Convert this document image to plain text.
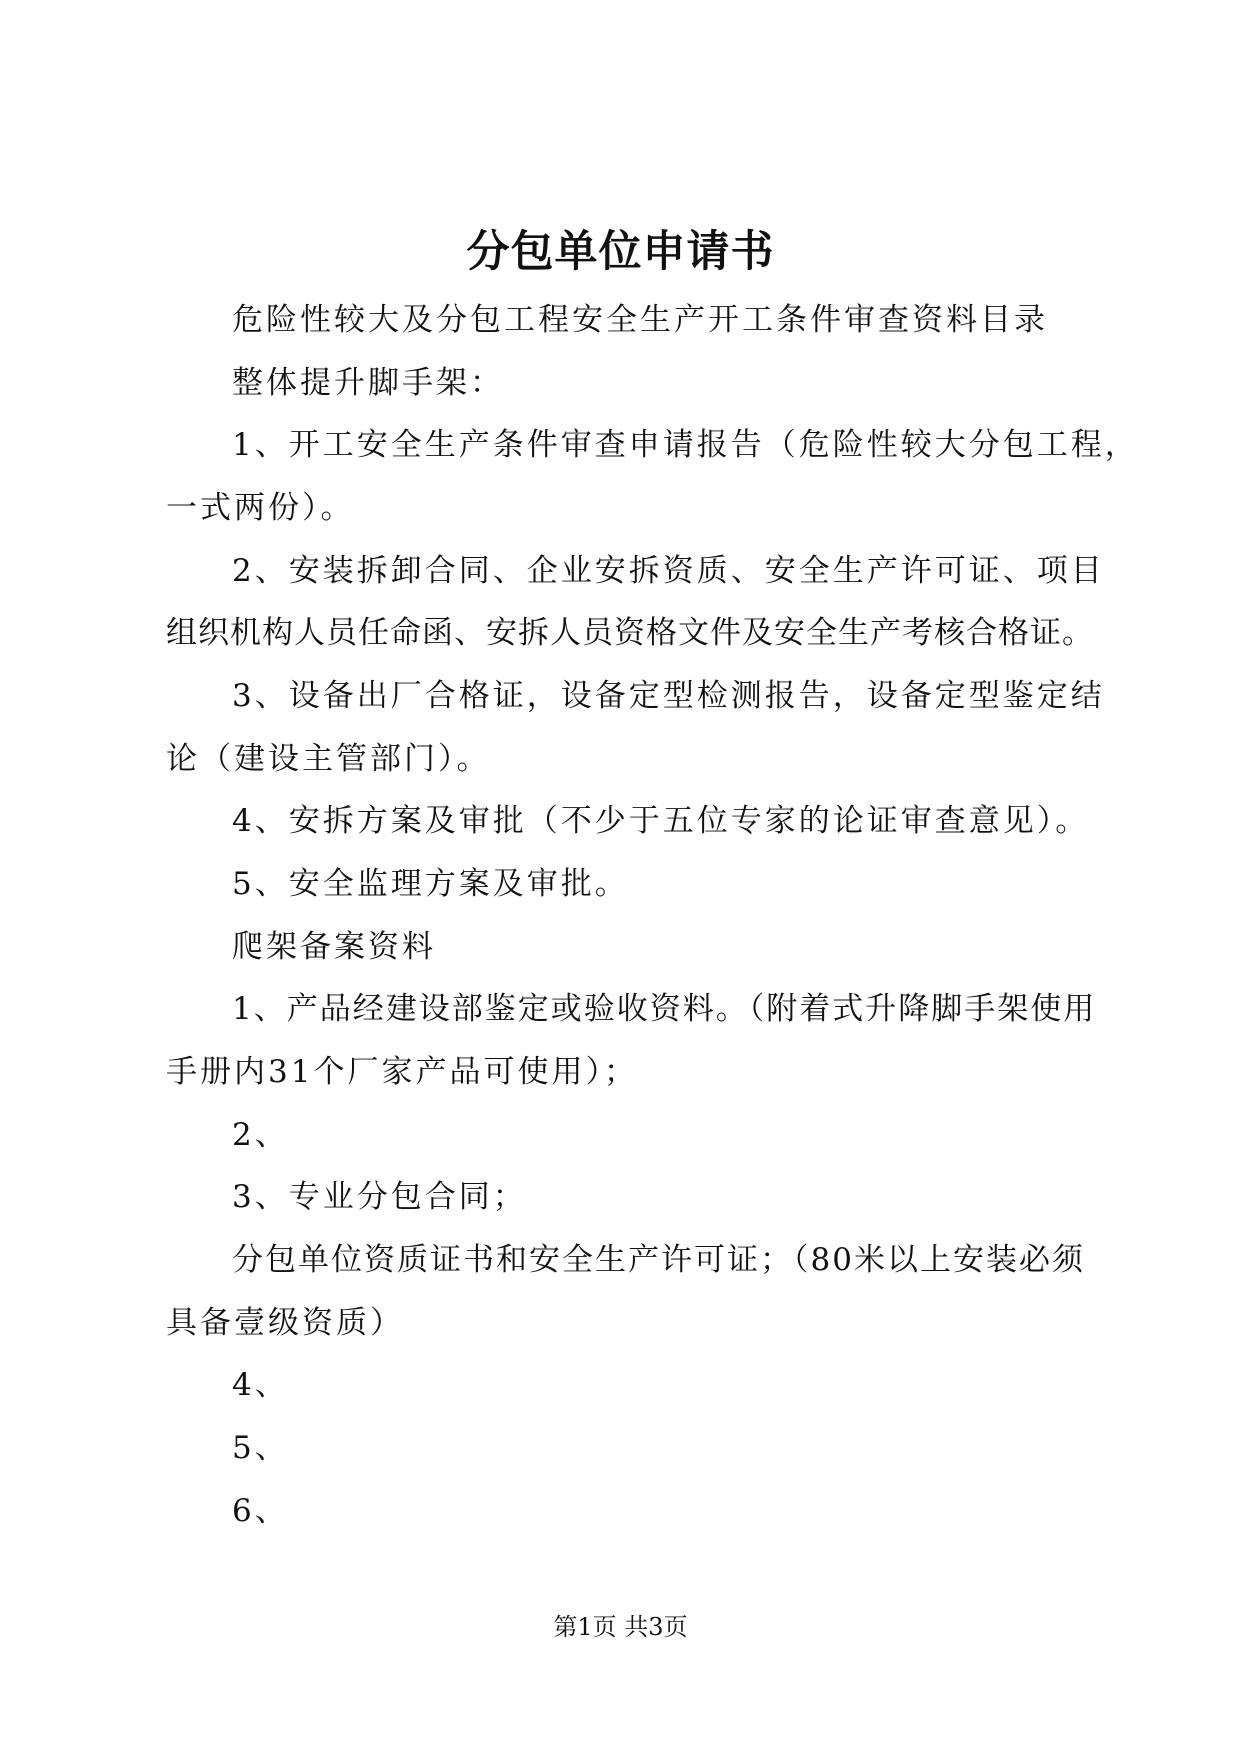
分包单位申请书
危险性较大及分包工程安全生产开工条件审查资料目录
整体提升脚手架：
1、开工安全生产条件审查申请报告（危险性较大分包工程，
一式两份）。
2、安装拆卸合同、企业安拆资质、安全生产许可证、项目
组织机构人员任命函、安拆人员资格文件及安全生产考核合格证。
3、设备出厂合格证，设备定型检测报告，设备定型鉴定结
论（建设主管部门）。
4、安拆方案及审批（不少于五位专家的论证审查意见）。
5、安全监理方案及审批。
爬架备案资料
1、产品经建设部鉴定或验收资料。（附着式升降脚手架使用
手册内31个厂家产品可使用）；
2、
3、专业分包合同；
分包单位资质证书和安全生产许可证；（80米以上安装必须
具备壹级资质）
4、
5、
6、
第1页 共3页
